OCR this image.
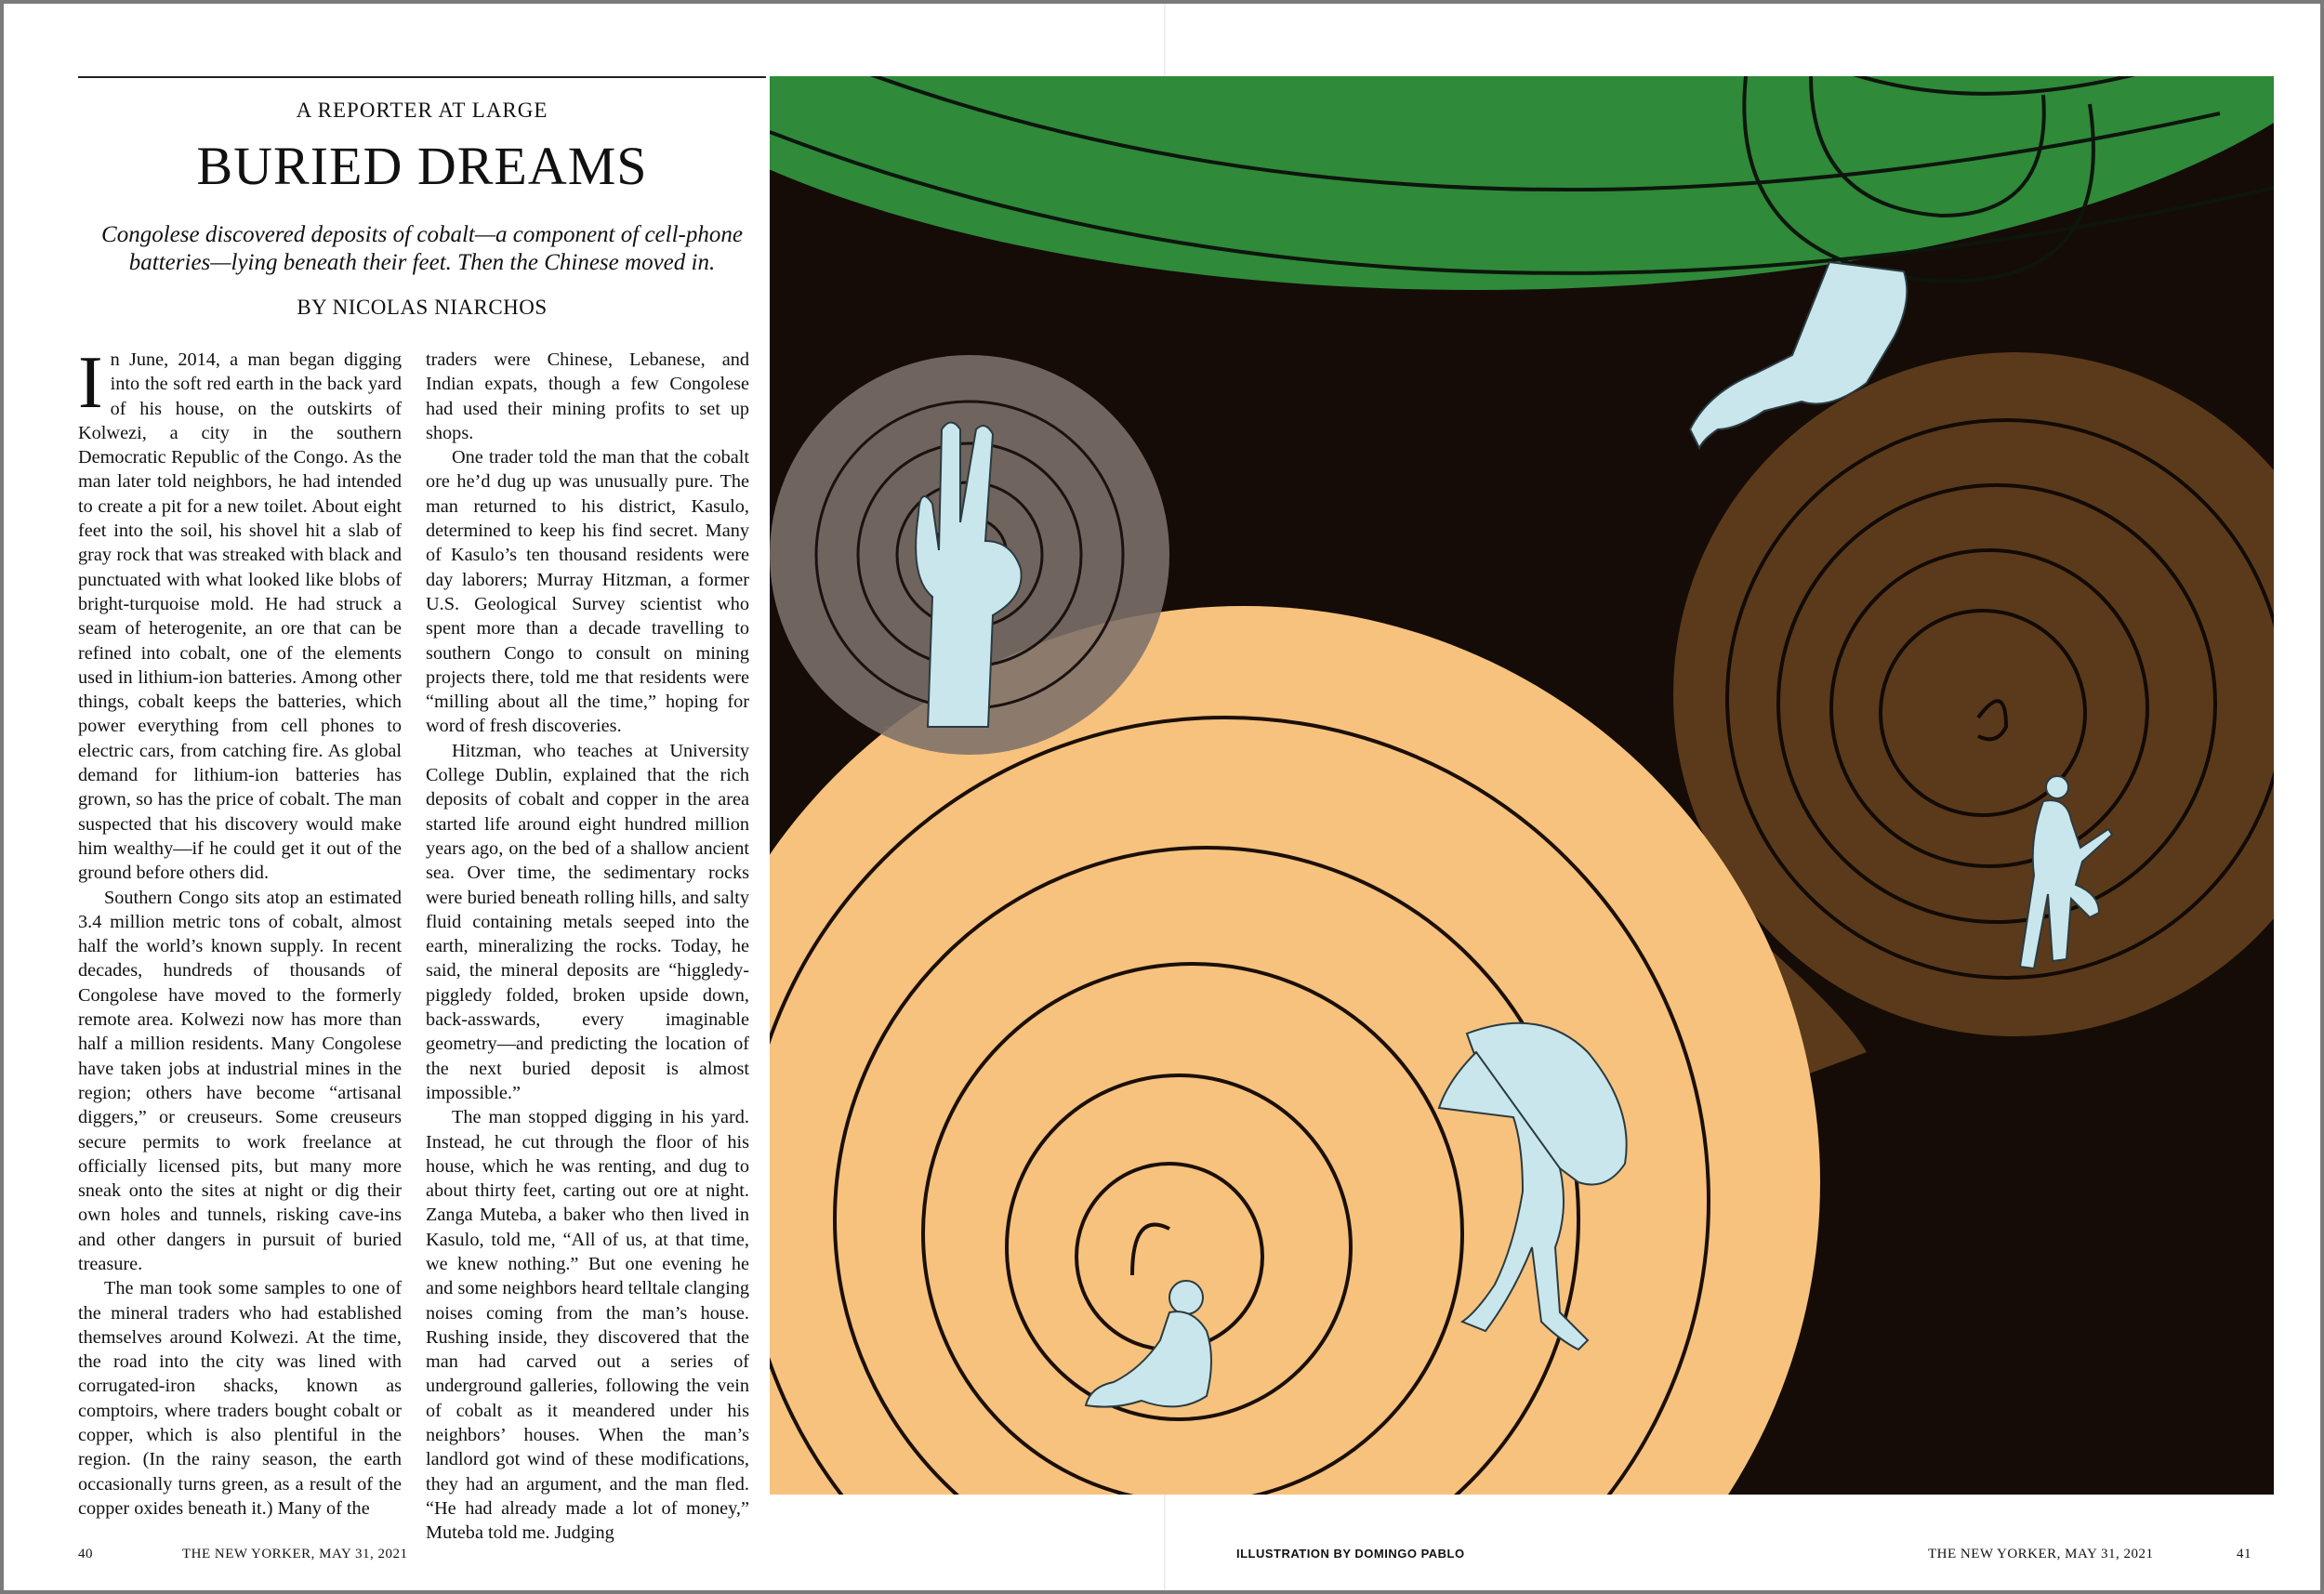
A REPORTER AT LARGE
BURIED DREAMS
Congolese discovered deposits of cobalt—a component of cell-phone batteries—lying beneath their feet. Then the Chinese moved in.
BY NICOLAS NIARCHOS

In June, 2014, a man began digging into the soft red earth in the back yard of his house, on the outskirts of Kolwezi, a city in the southern Democratic Republic of the Congo. As the man later told neighbors, he had intended to create a pit for a new toilet. About eight feet into the soil, his shovel hit a slab of gray rock that was streaked with black and punctuated with what looked like blobs of bright-turquoise mold. He had struck a seam of heterogenite, an ore that can be refined into cobalt, one of the elements used in lithium-ion batteries. Among other things, cobalt keeps the batteries, which power everything from cell phones to electric cars, from catching fire. As global demand for lithium-ion batteries has grown, so has the price of cobalt. The man suspected that his discovery would make him wealthy—if he could get it out of the ground before others did.

Southern Congo sits atop an estimated 3.4 million metric tons of cobalt, almost half the world’s known supply. In recent decades, hundreds of thousands of Congolese have moved to the formerly remote area. Kolwezi now has more than half a million residents. Many Congolese have taken jobs at industrial mines in the region; others have become “artisanal diggers,” or creuseurs. Some creuseurs secure permits to work freelance at officially licensed pits, but many more sneak onto the sites at night or dig their own holes and tunnels, risking cave-ins and other dangers in pursuit of buried treasure.

The man took some samples to one of the mineral traders who had established themselves around Kolwezi. At the time, the road into the city was lined with corrugated-iron shacks, known as comptoirs, where traders bought cobalt or copper, which is also plentiful in the region. (In the rainy season, the earth occasionally turns green, as a result of the copper oxides beneath it.) Many of the

traders were Chinese, Lebanese, and Indian expats, though a few Congolese had used their mining profits to set up shops.

One trader told the man that the cobalt ore he’d dug up was unusually pure. The man returned to his district, Kasulo, determined to keep his find secret. Many of Kasulo’s ten thousand residents were day laborers; Murray Hitzman, a former U.S. Geological Survey scientist who spent more than a decade travelling to southern Congo to consult on mining projects there, told me that residents were “milling about all the time,” hoping for word of fresh discoveries.

Hitzman, who teaches at University College Dublin, explained that the rich deposits of cobalt and copper in the area started life around eight hundred million years ago, on the bed of a shallow ancient sea. Over time, the sedimentary rocks were buried beneath rolling hills, and salty fluid containing metals seeped into the earth, mineralizing the rocks. Today, he said, the mineral deposits are “higgledy-piggledy folded, broken upside down, back-asswards, every imaginable geometry—and predicting the location of the next buried deposit is almost impossible.”

The man stopped digging in his yard. Instead, he cut through the floor of his house, which he was renting, and dug to about thirty feet, carting out ore at night. Zanga Muteba, a baker who then lived in Kasulo, told me, “All of us, at that time, we knew nothing.” But one evening he and some neighbors heard telltale clanging noises coming from the man’s house. Rushing inside, they discovered that the man had carved out a series of underground galleries, following the vein of cobalt as it meandered under his neighbors’ houses. When the man’s landlord got wind of these modifications, they had an argument, and the man fled. “He had already made a lot of money,” Muteba told me. Judging

40	THE NEW YORKER, MAY 31, 2021	ILLUSTRATION BY DOMINGO PABLO	THE NEW YORKER, MAY 31, 2021	41
